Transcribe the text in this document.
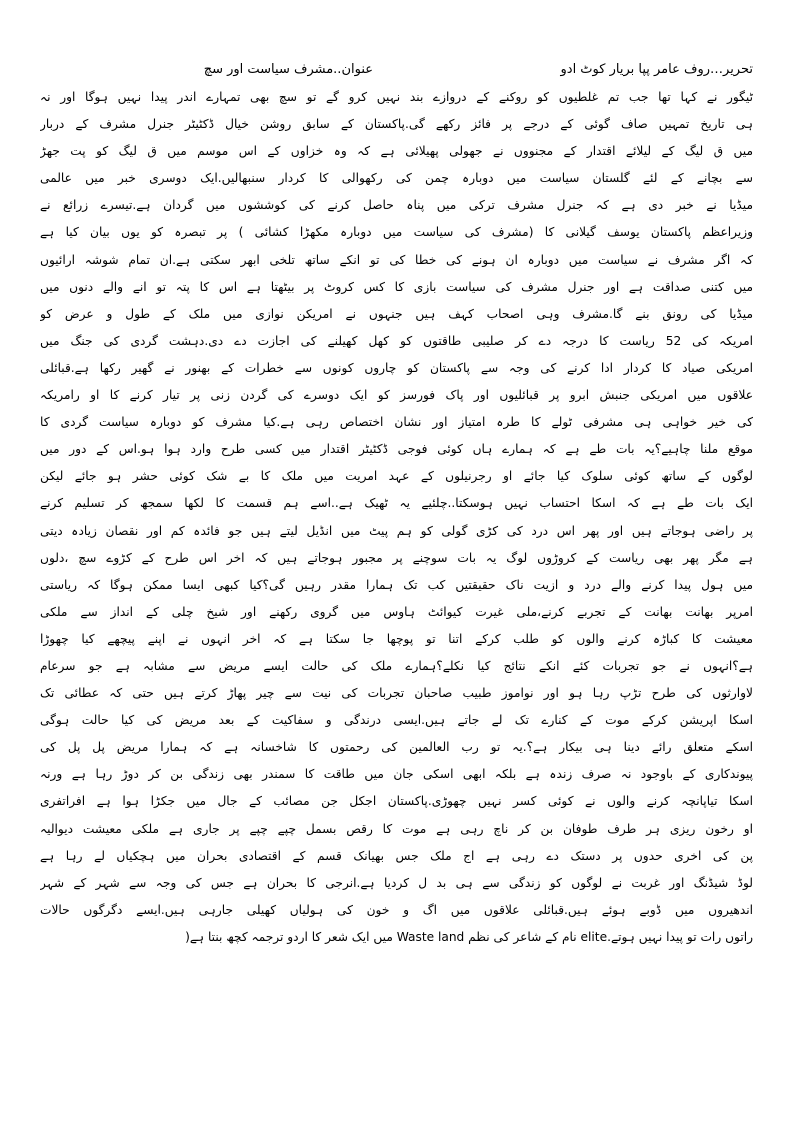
تحریر…روف عامر پپا بریار کوٹ ادو
عنوان..مشرف سیاست اور سچ
ٹیگور نے کہا تھا جب تم غلطیوں کو روکنے کے دروازے بند نہیں کرو گے تو سچ بھی تمہارے اندر پیدا نہیں ہوگا اور نہ
ہی تاریخ تمہیں صاف گوئی کے درجے پر فائز رکھے گی.پاکستان کے سابق روشن خیال ڈکٹیٹر جنرل مشرف کے دربار
میں ق لیگ کے لیلائے اقتدار کے مجنووں نے جھولی پھیلائی ہے کہ وہ خزاوں کے اس موسم میں ق لیگ کو پت جھڑ
سے بچانے کے لئے گلستان سیاست میں دوبارہ چمن کی رکھوالی کا کردار سنبھالیں.ایک دوسری خبر میں عالمی
میڈیا نے خبر دی ہے کہ جنرل مشرف ترکی میں پناہ حاصل کرنے کی کوششوں میں گردان ہے.تیسرے زرائع نے
وزیراعظم پاکستان یوسف گیلانی کا (مشرف کی سیاست میں دوبارہ مکھڑا کشائی ) پر تبصرہ کو یوں بیان کیا ہے
کہ اگر مشرف نے سیاست میں دوبارہ ان ہونے کی خطا کی تو انکے ساتھ تلخی ابھر سکتی ہے.ان تمام شوشہ ارائیوں
میں کتنی صداقت ہے اور جنرل مشرف کی سیاست بازی کا کس کروٹ پر بیٹھتا ہے اس کا پتہ تو انے والے دنوں میں
میڈیا کی رونق بنے گا.مشرف وہی اصحاب کہف ہیں جنہوں نے امریکن نوازی میں ملک کے طول و عرض کو
امریکہ کی 52 ریاست کا درجہ دے کر صلیبی طاقتوں کو کھل کھیلنے کی اجازت دے دی.دہشت گردی کی جنگ میں
امریکی صیاد کا کردار ادا کرنے کی وجہ سے پاکستان کو چاروں کونوں سے خطرات کے بھنور نے گھیر رکھا ہے.قبائلی
علاقوں میں امریکی جنبش ابرو پر قبائلیوں اور پاک فورسز کو ایک دوسرے کی گردن زنی پر تیار کرنے کا او رامریکہ
کی خیر خواہی ہی مشرفی ٹولے کا طرہ امتیاز اور نشان اختصاص رہی ہے.کیا مشرف کو دوبارہ سیاست گردی کا
موقع ملنا چاہیے؟یہ بات طے ہے کہ ہمارے ہاں کوئی فوجی ڈکٹیٹر اقتدار میں کسی طرح وارد ہوا ہو.اس کے دور میں
لوگوں کے ساتھ کوئی سلوک کیا جائے او رجرنیلوں کے عہد امریت میں ملک کا بے شک کوئی حشر ہو جائے لیکن
ایک بات طے ہے کہ اسکا احتساب نہیں ہوسکتا..چلئیے یہ ٹھیک ہے..اسے ہم قسمت کا لکھا سمجھ کر تسلیم کرنے
پر راضی ہوجاتے ہیں اور پھر اس درد کی کڑی گولی کو ہم پیٹ میں انڈیل لیتے ہیں جو فائدہ کم اور نقصان زیادہ دیتی
ہے مگر پھر بھی ریاست کے کروڑوں لوگ یہ بات سوچنے پر مجبور ہوجاتے ہیں کہ اخر اس طرح کے کڑوے سچ ،دلوں
میں ہول پیدا کرنے والے درد و ازیت ناک حقیقتیں کب تک ہمارا مقدر رہیں گی؟کیا کبھی ایسا ممکن ہوگا کہ ریاستی
امرپر بھانت بھانت کے تجربے کرنے،ملی غیرت کیوائٹ ہاوس میں گروی رکھنے اور شیخ چلی کے انداز سے ملکی
معیشت کا کباڑہ کرنے والوں کو طلب کرکے اتنا تو پوچھا جا سکتا ہے کہ اخر انہوں نے اپنے پیچھے کیا چھوڑا
ہے؟انہوں نے جو تجربات کئے انکے نتائج کیا نکلے؟ہمارے ملک کی حالت ایسے مریض سے مشابہ ہے جو سرعام
لاوارثوں کی طرح تڑپ رہا ہو اور نواموز طبیب صاحبان تجربات کی نیت سے چیر پھاڑ کرتے ہیں حتی کہ عطائی تک
اسکا اپریشن کرکے موت کے کنارے تک لے جاتے ہیں.ایسی درندگی و سفاکیت کے بعد مریض کی کیا حالت ہوگی
اسکے متعلق رائے دینا ہی بیکار ہے؟.یہ تو رب العالمین کی رحمتوں کا شاخسانہ ہے کہ ہمارا مریض پل پل کی
پیوندکاری کے باوجود نہ صرف زندہ ہے بلکہ ابھی اسکی جان میں طاقت کا سمندر بھی زندگی بن کر دوڑ رہا ہے ورنہ
اسکا تیاپانچہ کرنے والوں نے کوئی کسر نہیں چھوڑی.پاکستان اجکل جن مصائب کے جال میں جکڑا ہوا ہے افراتفری
او رخون ریزی ہر طرف طوفان بن کر ناچ رہی ہے موت کا رقص بسمل چپے چپے پر جاری ہے ملکی معیشت دیوالیہ
پن کی اخری حدوں پر دستک دے رہی ہے اج ملک جس بھیانک قسم کے اقتصادی بحران میں ہچکیاں لے رہا ہے
لوڈ شیڈنگ اور غربت نے لوگوں کو زندگی سے ہی بد ل کردیا ہے.انرجی کا بحران ہے جس کی وجہ سے شہر کے شہر
اندھیروں میں ڈوبے ہوئے ہیں.قبائلی علاقوں میں اگ و خون کی ہولیاں کھیلی جارہی ہیں.ایسے دگرگوں حالات
راتوں رات تو پیدا نہیں ہوتے.elite نام کے شاعر کی نظم Waste land میں ایک شعر کا اردو ترجمہ کچھ بنتا ہے(
